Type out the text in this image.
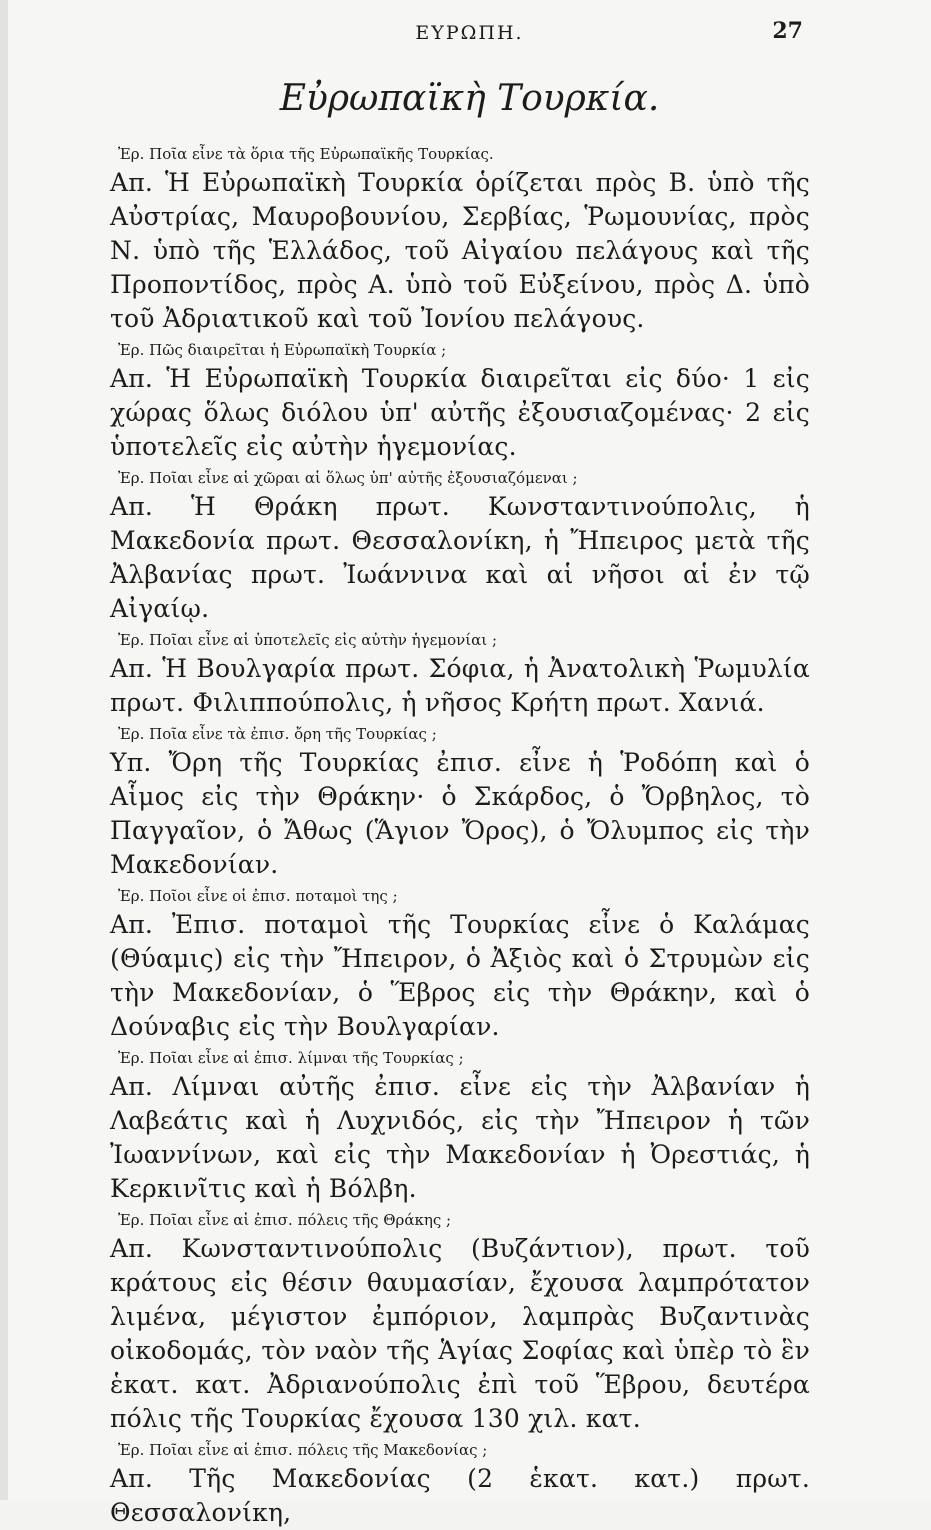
ΕΥΡΩΠΗ.	27
Εὐρωπαϊκὴ Τουρκία.
Ἐρ. Ποῖα εἶνε τὰ ὅρια τῆς Εὐρωπαϊκῆς Τουρκίας.
Απ. Ἡ Εὐρωπαϊκὴ Τουρκία ὁρίζεται πρὸς Β. ὑπὸ τῆς Αὐστρίας, Μαυροβουνίου, Σερβίας, Ῥωμουνίας, πρὸς Ν. ὑπὸ τῆς Ἑλλάδος, τοῦ Αἰγαίου πελάγους καὶ τῆς Προποντίδος, πρὸς Α. ὑπὸ τοῦ Εὐξείνου, πρὸς Δ. ὑπὸ τοῦ Ἀδριατικοῦ καὶ τοῦ Ἰονίου πελάγους.
Ἐρ. Πῶς διαιρεῖται ἡ Εὐρωπαϊκὴ Τουρκία ;
Απ. Ἡ Εὐρωπαϊκὴ Τουρκία διαιρεῖται εἰς δύο· 1 εἰς χώρας ὅλως διόλου ὑπ' αὐτῆς ἐξουσιαζομένας· 2 εἰς ὑποτελεῖς εἰς αὐτὴν ἡγεμονίας.
Ἐρ. Ποῖαι εἶνε αἱ χῶραι αἱ ὅλως ὑπ' αὐτῆς ἐξουσιαζόμεναι ;
Απ. Ἡ Θράκη πρωτ. Κωνσταντινούπολις, ἡ Μακεδονία πρωτ. Θεσσαλονίκη, ἡ Ἤπειρος μετὰ τῆς Ἀλβανίας πρωτ. Ἰωάννινα καὶ αἱ νῆσοι αἱ ἐν τῷ Αἰγαίῳ.
Ἐρ. Ποῖαι εἶνε αἱ ὑποτελεῖς εἰς αὐτὴν ἡγεμονίαι ;
Απ. Ἡ Βουλγαρία πρωτ. Σόφια, ἡ Ἀνατολικὴ Ῥωμυλία πρωτ. Φιλιππούπολις, ἡ νῆσος Κρήτη πρωτ. Χανιά.
Ἐρ. Ποῖα εἶνε τὰ ἐπισ. ὄρη τῆς Τουρκίας ;
Υπ. Ὄρη τῆς Τουρκίας ἐπισ. εἶνε ἡ Ῥοδόπη καὶ ὁ Αἷμος εἰς τὴν Θράκην· ὁ Σκάρδος, ὁ Ὄρβηλος, τὸ Παγγαῖον, ὁ Ἄθως (Ἅγιον Ὄρος), ὁ Ὄλυμπος εἰς τὴν Μακεδονίαν.
Ἐρ. Ποῖοι εἶνε οἱ ἐπισ. ποταμοὶ της ;
Απ. Ἐπισ. ποταμοὶ τῆς Τουρκίας εἶνε ὁ Καλάμας (Θύαμις) εἰς τὴν Ἤπειρον, ὁ Ἀξιὸς καὶ ὁ Στρυμὼν εἰς τὴν Μακεδονίαν, ὁ Ἕβρος εἰς τὴν Θράκην, καὶ ὁ Δούναβις εἰς τὴν Βουλγαρίαν.
Ἐρ. Ποῖαι εἶνε αἱ ἐπισ. λίμναι τῆς Τουρκίας ;
Απ. Λίμναι αὐτῆς ἐπισ. εἶνε εἰς τὴν Ἀλβανίαν ἡ Λαβεάτις καὶ ἡ Λυχνιδός, εἰς τὴν Ἤπειρον ἡ τῶν Ἰωαννίνων, καὶ εἰς τὴν Μακεδονίαν ἡ Ὀρεστιάς, ἡ Κερκινῖτις καὶ ἡ Βόλβη.
Ἐρ. Ποῖαι εἶνε αἱ ἐπισ. πόλεις τῆς Θράκης ;
Απ. Κωνσταντινούπολις (Βυζάντιον), πρωτ. τοῦ κράτους εἰς θέσιν θαυμασίαν, ἔχουσα λαμπρότατον λιμένα, μέγιστον ἐμπόριον, λαμπρὰς Βυζαντινὰς οἰκοδομάς, τὸν ναὸν τῆς Ἁγίας Σοφίας καὶ ὑπὲρ τὸ ἓν ἑκατ. κατ. Ἀδριανούπολις ἐπὶ τοῦ Ἕβρου, δευτέρα πόλις τῆς Τουρκίας ἔχουσα 130 χιλ. κατ.
Ἐρ. Ποῖαι εἶνε αἱ ἐπισ. πόλεις τῆς Μακεδονίας ;
Απ. Τῆς Μακεδονίας (2 ἑκατ. κατ.) πρωτ. Θεσσαλονίκη,
